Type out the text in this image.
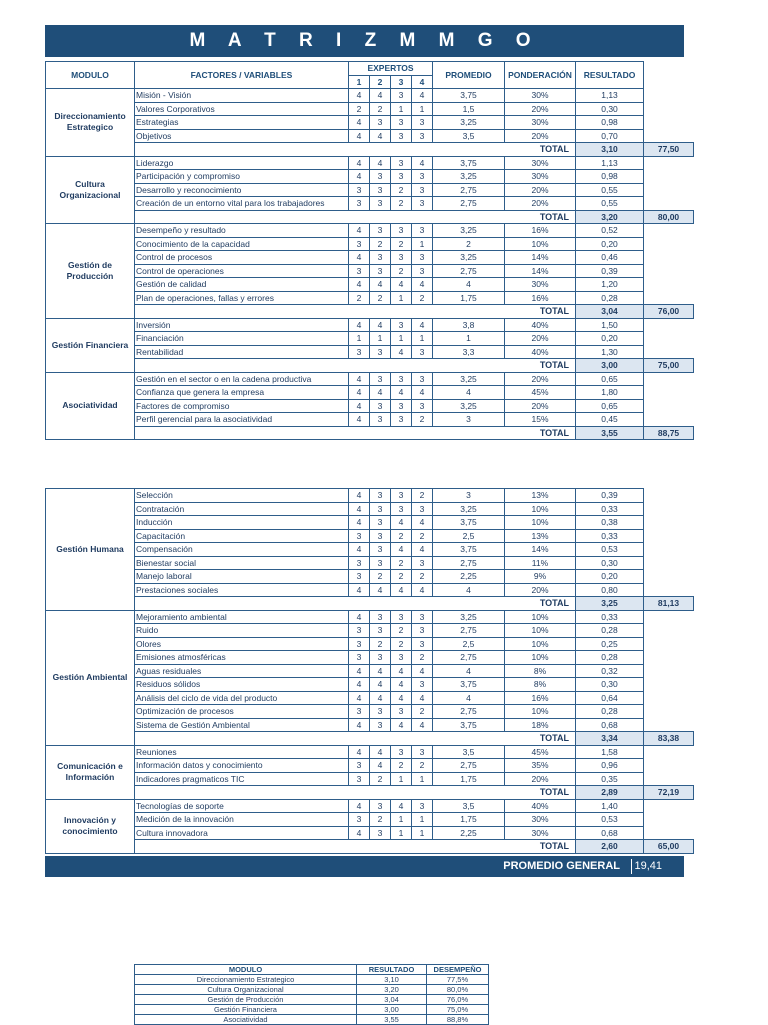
M A T R I Z M M G O
MODULO	FACTORES / VARIABLES	EXPERTOS				PROMEDIO	PONDERACIÓN	RESULTADO	
		1	2	3	4				
Direccionamiento Estrategico	Misión - Visión	4	4	3	4	3,75	30%	1,13	
	Valores Corporativos	2	2	1	1	1,5	20%	0,30	
	Estrategias	4	3	3	3	3,25	30%	0,98	
	Objetivos	4	4	3	3	3,5	20%	0,70	
	TOTAL							3,10	77,50
Cultura Organizacional	Liderazgo	4	4	3	4	3,75	30%	1,13	
	Participación y compromiso	4	3	3	3	3,25	30%	0,98	
	Desarrollo y reconocimiento	3	3	2	3	2,75	20%	0,55	
	Creación de un entorno vital para los trabajadores	3	3	2	3	2,75	20%	0,55	
	TOTAL							3,20	80,00
Gestión de Producción	Desempeño y resultado	4	3	3	3	3,25	16%	0,52	
	Conocimiento de la capacidad	3	2	2	1	2	10%	0,20	
	Control de procesos	4	3	3	3	3,25	14%	0,46	
	Control de operaciones	3	3	2	3	2,75	14%	0,39	
	Gestión de calidad	4	4	4	4	4	30%	1,20	
	Plan de operaciones, fallas y errores	2	2	1	2	1,75	16%	0,28	
	TOTAL							3,04	76,00
Gestión Financiera	Inversión	4	4	3	4	3,8	40%	1,50	
	Financiación	1	1	1	1	1	20%	0,20	
	Rentabilidad	3	3	4	3	3,3	40%	1,30	
	TOTAL							3,00	75,00
Asociatividad	Gestión en el sector o en la cadena productiva	4	3	3	3	3,25	20%	0,65	
	Confianza que genera la empresa	4	4	4	4	4	45%	1,80	
	Factores de compromiso	4	3	3	3	3,25	20%	0,65	
	Perfil gerencial para la asociatividad	4	3	3	2	3	15%	0,45	
	TOTAL							3,55	88,75
Gestión Humana	Selección	4	3	3	2	3	13%	0,39	
	Contratación	4	3	3	3	3,25	10%	0,33	
	Inducción	4	3	4	4	3,75	10%	0,38	
	Capacitación	3	3	2	2	2,5	13%	0,33	
	Compensación	4	3	4	4	3,75	14%	0,53	
	Bienestar social	3	3	2	3	2,75	11%	0,30	
	Manejo laboral	3	2	2	2	2,25	9%	0,20	
	Prestaciones sociales	4	4	4	4	4	20%	0,80	
	TOTAL							3,25	81,13
Gestión Ambiental	Mejoramiento ambiental	4	3	3	3	3,25	10%	0,33	
	Ruido	3	3	2	3	2,75	10%	0,28	
	Olores	3	2	2	3	2,5	10%	0,25	
	Emisiones atmosféricas	3	3	3	2	2,75	10%	0,28	
	Aguas residuales	4	4	4	4	4	8%	0,32	
	Residuos sólidos	4	4	4	3	3,75	8%	0,30	
	Análisis del ciclo de vida del producto	4	4	4	4	4	16%	0,64	
	Optimización de procesos	3	3	3	2	2,75	10%	0,28	
	Sistema de Gestión Ambiental	4	3	4	4	3,75	18%	0,68	
	TOTAL							3,34	83,38
Comunicación e Información	Reuniones	4	4	3	3	3,5	45%	1,58	
	Información datos y conocimiento	3	4	2	2	2,75	35%	0,96	
	Indicadores pragmaticos TIC	3	2	1	1	1,75	20%	0,35	
	TOTAL							2,89	72,19
Innovación y conocimiento	Tecnologías de soporte	4	3	4	3	3,5	40%	1,40	
	Medición de la innovación	3	2	1	1	1,75	30%	0,53	
	Cultura innovadora	4	3	1	1	2,25	30%	0,68	
	TOTAL							2,60	65,00
PROMEDIO GENERAL 19,41
MODULO	RESULTADO	DESEMPEÑO
Direccionamiento Estrategico	3,10	77,5%
Cultura Organizacional	3,20	80,0%
Gestión de Producción	3,04	76,0%
Gestión Financiera	3,00	75,0%
Asociatividad	3,55	88,8%
